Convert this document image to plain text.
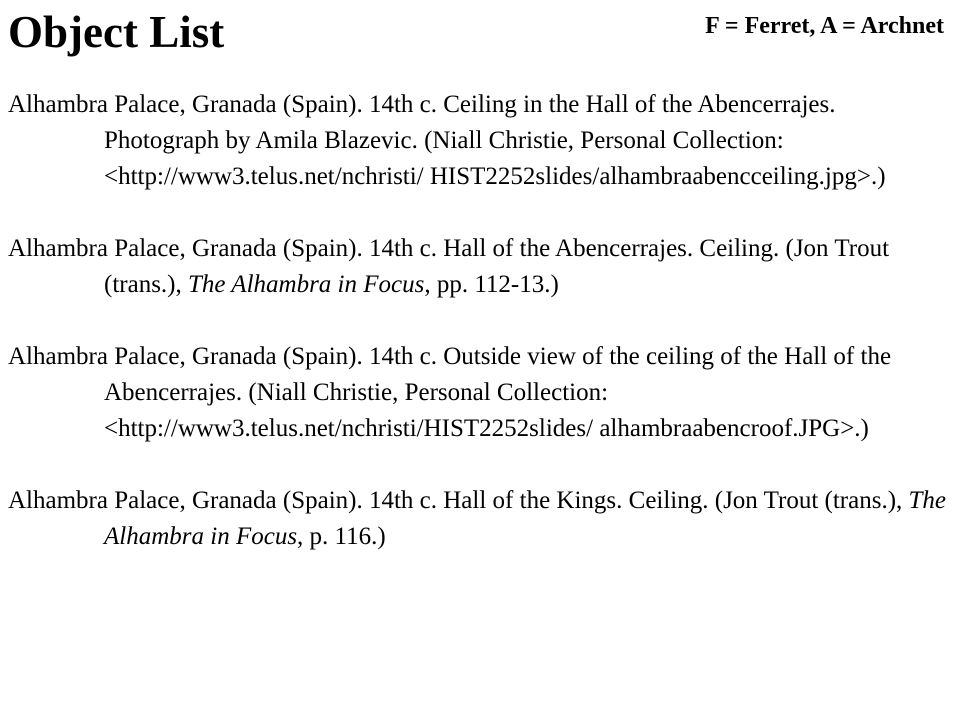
Object List	F = Ferret, A = Archnet

Alhambra Palace, Granada (Spain). 14th c. Ceiling in the Hall of the Abencerrajes. Photograph by Amila Blazevic. (Niall Christie, Personal Collection: <http://www3.telus.net/nchristi/ HIST2252slides/alhambraabencceiling.jpg>.)
Alhambra Palace, Granada (Spain). 14th c. Hall of the Abencerrajes. Ceiling. (Jon Trout (trans.), The Alhambra in Focus, pp. 112-13.)
Alhambra Palace, Granada (Spain). 14th c. Outside view of the ceiling of the Hall of the Abencerrajes. (Niall Christie, Personal Collection: <http://www3.telus.net/nchristi/HIST2252slides/ alhambraabencroof.JPG>.)
Alhambra Palace, Granada (Spain). 14th c. Hall of the Kings. Ceiling. (Jon Trout (trans.), The Alhambra in Focus, p. 116.)
